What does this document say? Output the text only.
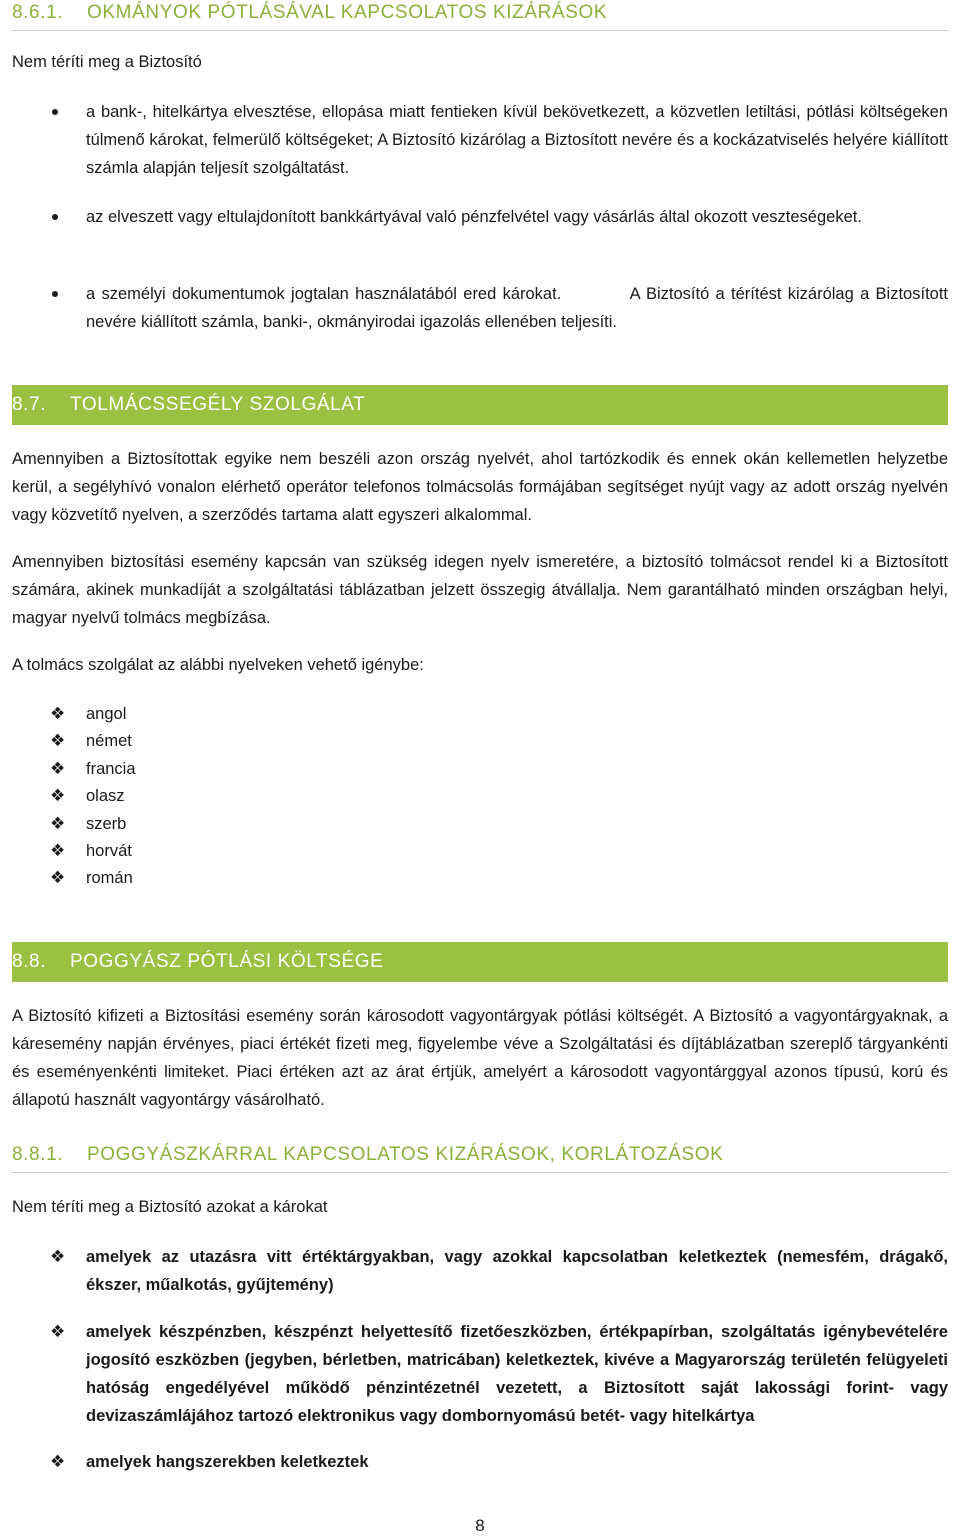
8.6.1. OKMÁNYOK PÓTLÁSÁVAL KAPCSOLATOS KIZÁRÁSOK
Nem téríti meg a Biztosító
a bank-, hitelkártya elvesztése, ellopása miatt fentieken kívül bekövetkezett, a közvetlen letiltási, pótlási költségeken túlmenő károkat, felmerülő költségeket; A Biztosító kizárólag a Biztosított nevére és a kockázatviselés helyére kiállított számla alapján teljesít szolgáltatást.
az elveszett vagy eltulajdonított bankkártyával való pénzfelvétel vagy vásárlás által okozott veszteségeket.
a személyi dokumentumok jogtalan használatából ered károkat.           A Biztosító a térítést kizárólag a Biztosított nevére kiállított számla, banki-, okmányirodai igazolás ellenében teljesíti.
8.7. TOLMÁCSSEGÉLY SZOLGÁLAT
Amennyiben a Biztosítottak egyike nem beszéli azon ország nyelvét, ahol tartózkodik és ennek okán kellemetlen helyzetbe kerül, a segélyhívó vonalon elérhető operátor telefonos tolmácsolás formájában segítséget nyújt vagy az adott ország nyelvén vagy közvetítő nyelven, a szerződés tartama alatt egyszeri alkalommal.
Amennyiben biztosítási esemény kapcsán van szükség idegen nyelv ismeretére, a biztosító tolmácsot rendel ki a Biztosított számára, akinek munkadíját a szolgáltatási táblázatban jelzett összegig átvállalja. Nem garantálható minden országban helyi, magyar nyelvű tolmács megbízása.
A tolmács szolgálat az alábbi nyelveken vehető igénybe:
❖ angol
❖ német
❖ francia
❖ olasz
❖ szerb
❖ horvát
❖ román
8.8. POGGYÁSZ PÓTLÁSI KÖLTSÉGE
A Biztosító kifizeti a Biztosítási esemény során károsodott vagyontárgyak pótlási költségét. A Biztosító a vagyontárgyaknak, a káresemény napján érvényes, piaci értékét fizeti meg, figyelembe véve a Szolgáltatási és díjtáblázatban szereplő tárgyankénti és eseményenkénti limiteket. Piaci értéken azt az árat értjük, amelyért a károsodott vagyontárggyal azonos típusú, korú és állapotú használt vagyontárgy vásárolható.
8.8.1. POGGYÁSZKÁRRAL KAPCSOLATOS KIZÁRÁSOK, KORLÁTOZÁSOK
Nem téríti meg a Biztosító azokat a károkat
❖ amelyek az utazásra vitt értéktárgyakban, vagy azokkal kapcsolatban keletkeztek (nemesfém, drágakő, ékszer, műalkotás, gyűjtemény)
❖ amelyek készpénzben, készpénzt helyettesítő fizetőeszközben, értékpapírban, szolgáltatás igénybevételére jogosító eszközben (jegyben, bérletben, matricában) keletkeztek, kivéve a Magyarország területén felügyeleti hatóság engedélyével működő pénzintézetnél vezetett, a Biztosított saját lakossági forint- vagy devizaszámlájához tartozó elektronikus vagy dombornyomású betét- vagy hitelkártya
❖ amelyek hangszerekben keletkeztek
8
